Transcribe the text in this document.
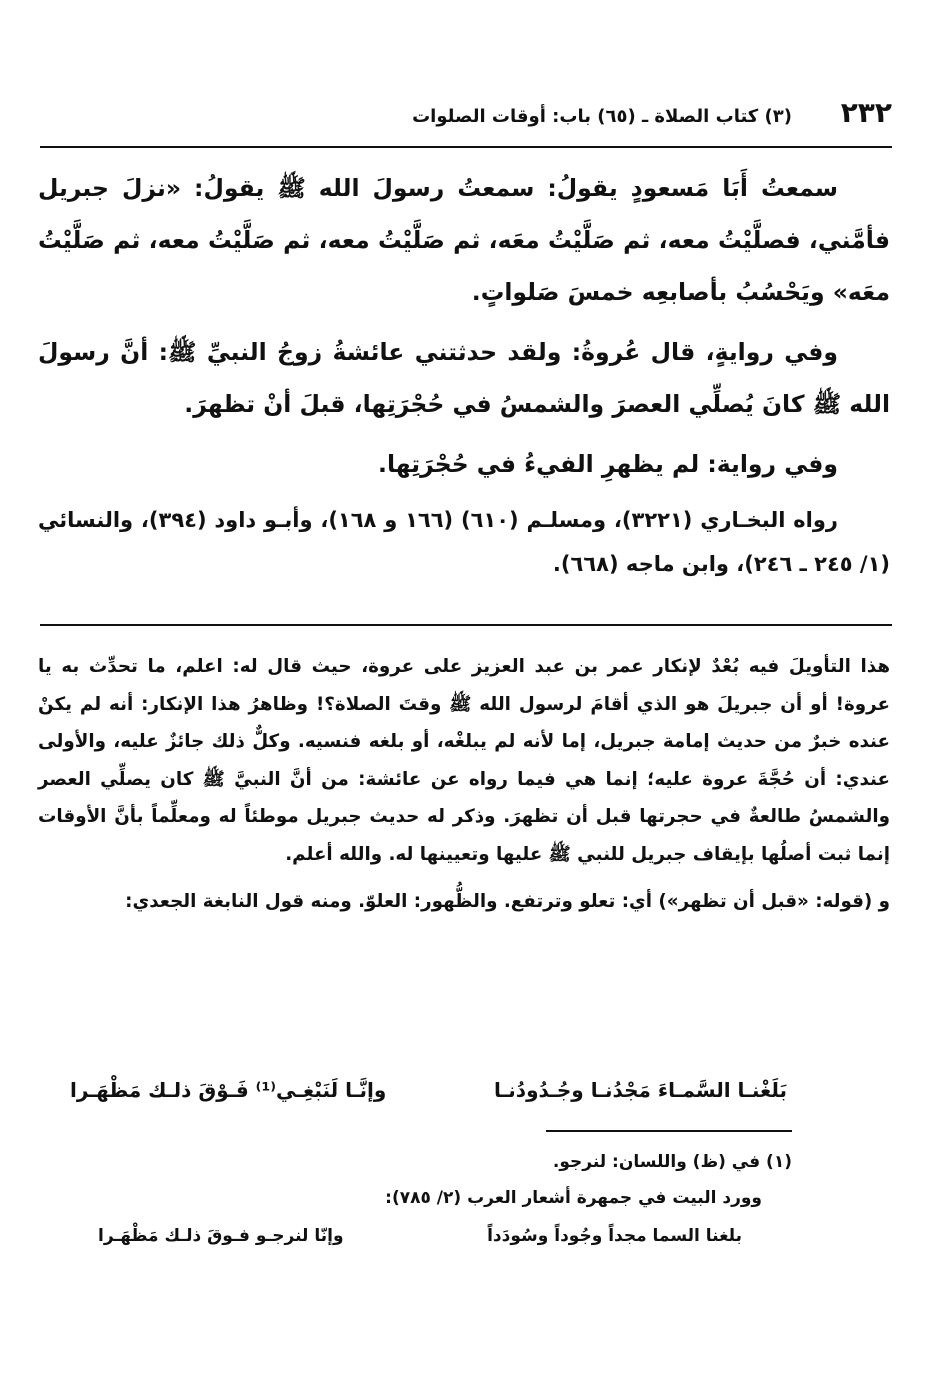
٢٣٢
(٣) كتاب الصلاة ـ (٦٥) باب: أوقات الصلوات

سمعتُ أَبَا مَسعودٍ يقولُ: سمعتُ رسولَ الله ﷺ يقولُ: «نزلَ جبريل فأمَّني، فصلَّيْتُ معه، ثم صَلَّيْتُ معَه، ثم صَلَّيْتُ معه، ثم صَلَّيْتُ معه، ثم صَلَّيْتُ معَه» ويَحْسُبُ بأصابعِه خمسَ صَلواتٍ.

وفي روايةٍ، قال عُروةُ: ولقد حدثتني عائشةُ زوجُ النبيِّ ﷺ: أنَّ رسولَ الله ﷺ كانَ يُصلِّي العصرَ والشمسُ في حُجْرَتِها، قبلَ أنْ تظهرَ.

وفي رواية: لم يظهرِ الفيءُ في حُجْرَتِها.

رواه البخـاري (٣٢٢١)، ومسلـم (٦١٠) (١٦٦ و ١٦٨)، وأبـو داود (٣٩٤)، والنسائي (١/ ٢٤٥ ـ ٢٤٦)، وابن ماجه (٦٦٨).

هذا التأويلَ فيه بُعْدٌ لإنكار عمر بن عبد العزيز على عروة، حيث قال له: اعلم، ما تحدِّث به يا عروة! أو أن جبريلَ هو الذي أقامَ لرسول الله ﷺ وقتَ الصلاة؟! وظاهرُ هذا الإنكار: أنه لم يكنْ عنده خبرٌ من حديث إمامة جبريل، إما لأنه لم يبلغْه، أو بلغه فنسيه. وكلٌّ ذلك جائزٌ عليه، والأولى عندي: أن حُجَّةَ عروة عليه؛ إنما هي فيما رواه عن عائشة: من أنَّ النبيَّ ﷺ كان يصلِّي العصر والشمسُ طالعةٌ في حجرتها قبل أن تظهرَ. وذكر له حديث جبريل موطئاً له ومعلِّماً بأنَّ الأوقات إنما ثبت أصلُها بإيقاف جبريل للنبي ﷺ عليها وتعيينها له. والله أعلم.

و (قوله: «قبل أن تظهر») أي: تعلو وترتفع. والظُّهور: العلوّ. ومنه قول النابغة الجعدي:

بَلَغْنـا السَّمـاءَ مَجْدُنـا وجُـدُودُنـا
وإنَّـا لَنَبْغِـي⁽¹⁾ فَـوْقَ ذلـك مَظْهَـرا
(١) في (ظ) واللسان: لنرجو.
وورد البيت في جمهرة أشعار العرب (٢/ ٧٨٥):
بلغنا السما مجداً وجُوداً وسُودَداً
وإنّا لنرجـو فـوقَ ذلـك مَظْهَـرا
